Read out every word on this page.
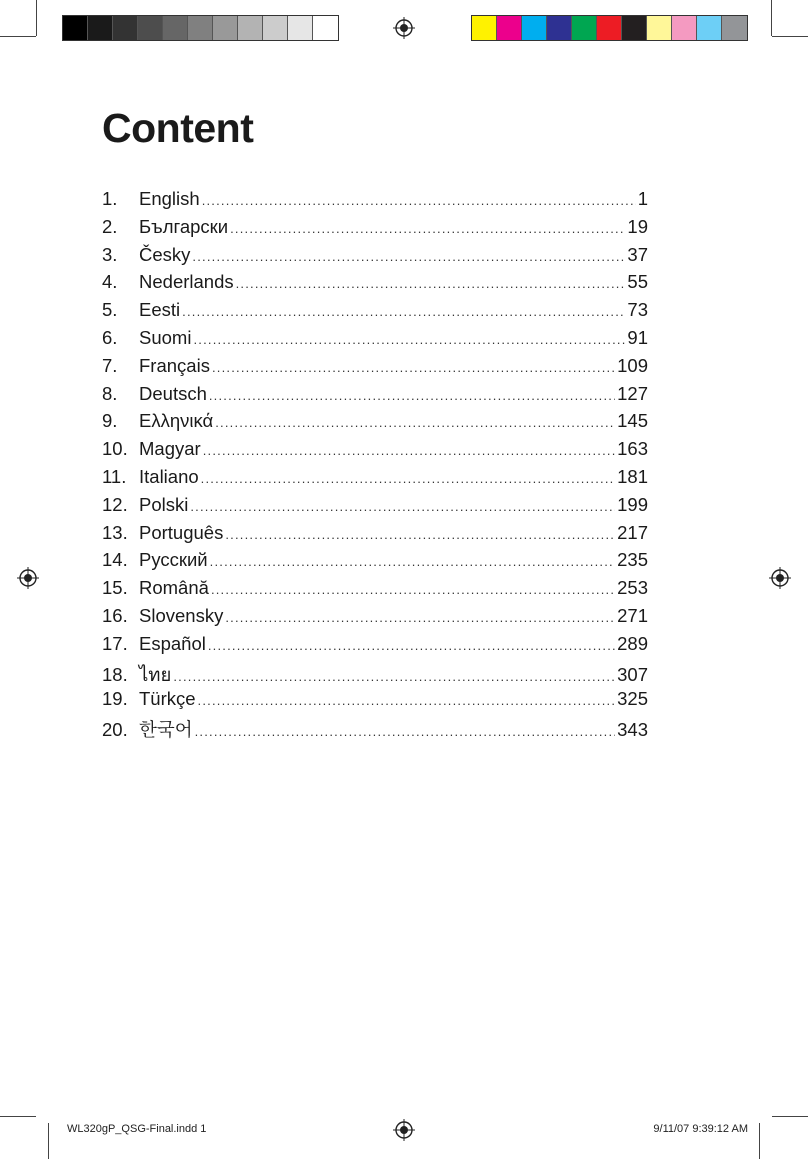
Content
1.	English .....	1
2.	Български .....	19
3.	Česky .....	37
4.	Nederlands .....	55
5.	Eesti .....	73
6.	Suomi .....	91
7.	Français .....	109
8.	Deutsch .....	127
9.	Ελληνικά .....	145
10. Magyar .....	163
11. Italiano .....	181
12. Polski .....	199
13. Português .....	217
14. Русский .....	235
15. Română .....	253
16. Slovensky .....	271
17. Español .....	289
18. ไทย .....	307
19. Türkçe .....	325
20. 한국어 .....	343
WL320gP_QSG-Final.indd 1	9/11/07 9:39:12 AM
